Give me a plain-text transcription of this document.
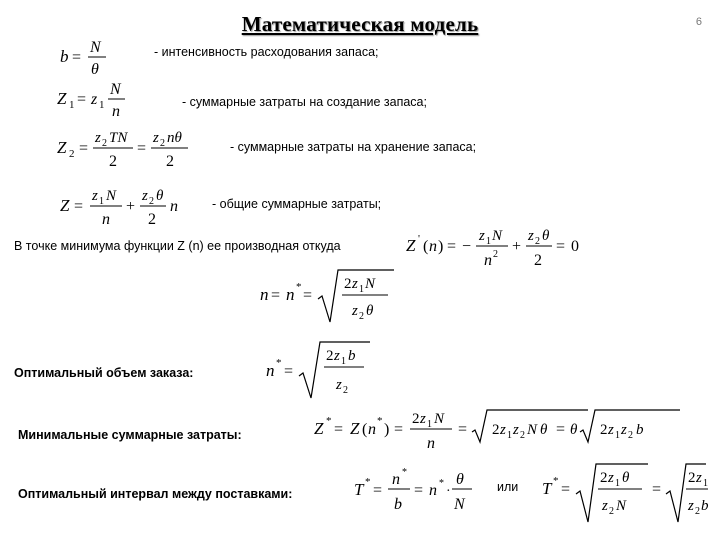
Математическая модель	6
b =
N
θ
- интенсивность расходования запаса;
Z 1 = z 1
N
n
- суммарные затраты на создание запаса;
Z 2 =
z 2 TN
2
=
z 2 nθ
2
- суммарные затраты на хранение запаса;
Z =
z 1 N
n
+
z 2 θ
2
n	- общие суммарные затраты;
В точке минимума функции Z (n) ее производная откуда	Z ' ( n ) = −
z 1 N
n 2 +
z 2 θ
2
= 0
n = n * =
2 z 1 N
z 2 θ
Оптимальный объем заказа:	n * =
2 z 1 b
z 2
Минимальные суммарные затраты:	Z * = Z ( n * ) =
2 z 1 N
n
= 2 z 1 z 2 N θ = θ 2 z 1 z 2 b
Оптимальный интервал между поставками:	T * =
n *
b
= n *
·
θ
N
или T * =
2 z 1 θ
z 2 N
=
2 z 1
z 2 b
